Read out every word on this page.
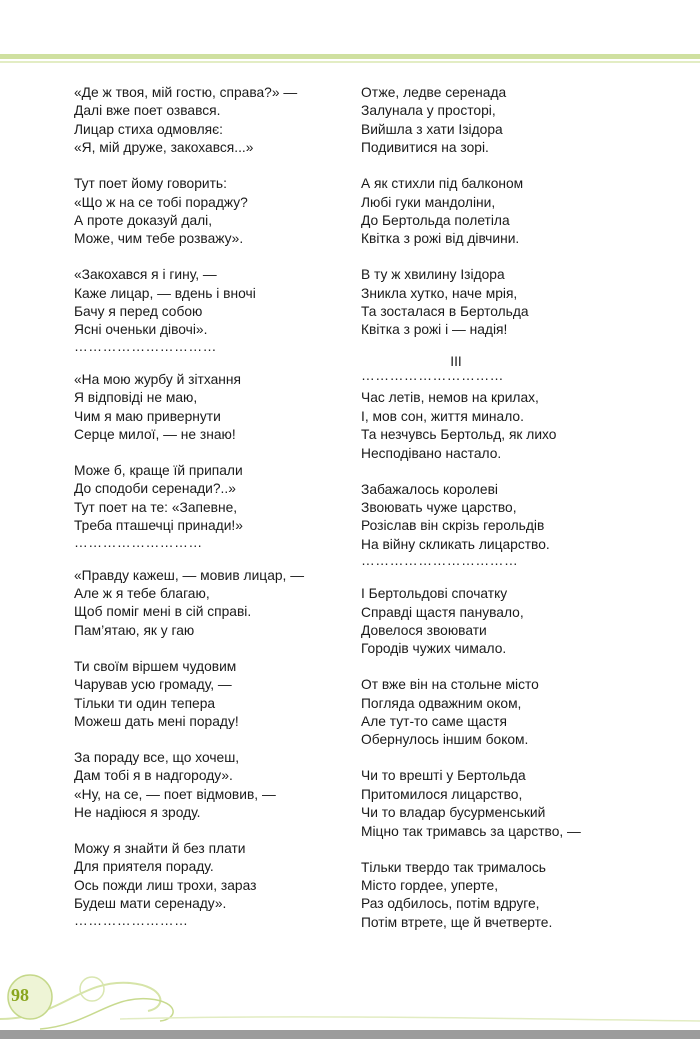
«Де ж твоя, мій гостю, справа?» —
Далі вже поет озвався.
Лицар стиха одмовляє:
«Я, мій друже, закохався...»
Тут поет йому говорить:
«Що ж на се тобі пораджу?
А проте доказуй далі,
Може, чим тебе розважу».
«Закохався я і гину, —
Каже лицар, — вдень і вночі
Бачу я перед собою
Ясні оченьки дівочі».
…………………………
«На мою журбу й зітхання
Я відповіді не маю,
Чим я маю привернути
Серце милої, — не знаю!
Може б, краще їй припали
До сподоби серенади?..»
Тут поет на те: «Запевне,
Треба пташечці принади!»
………………………
«Правду кажеш, — мовив лицар, —
Але ж я тебе благаю,
Щоб поміг мені в сій справі.
Пам’ятаю, як у гаю
Ти своїм віршем чудовим
Чарував усю громаду, —
Тільки ти один тепера
Можеш дать мені пораду!
За пораду все, що хочеш,
Дам тобі я в надгороду».
«Ну, на се, — поет відмовив, —
Не надіюся я зроду.
Можу я знайти й без плати
Для приятеля пораду.
Ось пожди лиш трохи, зараз
Будеш мати серенаду».
……………………
Отже, ледве серенада
Залунала у просторі,
Вийшла з хати Ізідора
Подивитися на зорі.
А як стихли під балконом
Любі гуки мандоліни,
До Бертольда полетіла
Квітка з рожі від дівчини.
В ту ж хвилину Ізідора
Зникла хутко, наче мрія,
Та зосталася в Бертольда
Квітка з рожі і — надія!
III
…………………………
Час летів, немов на крилах,
І, мов сон, життя минало.
Та незчувсь Бертольд, як лихо
Несподівано настало.
Забажалось королеві
Звоювать чуже царство,
Розіслав він скрізь герольдів
На війну скликать лицарство.
……………………………
І Бертольдові спочатку
Справді щастя панувало,
Довелося звоювати
Городів чужих чимало.
От вже він на стольне місто
Погляда одважним оком,
Але тут-то саме щастя
Обернулось іншим боком.
Чи то врешті у Бертольда
Притомилося лицарство,
Чи то владар бусурменський
Міцно так тримавсь за царство, —
Тільки твердо так трималось
Місто гордее, уперте,
Раз одбилось, потім вдруге,
Потім втрете, ще й вчетверте.
98
